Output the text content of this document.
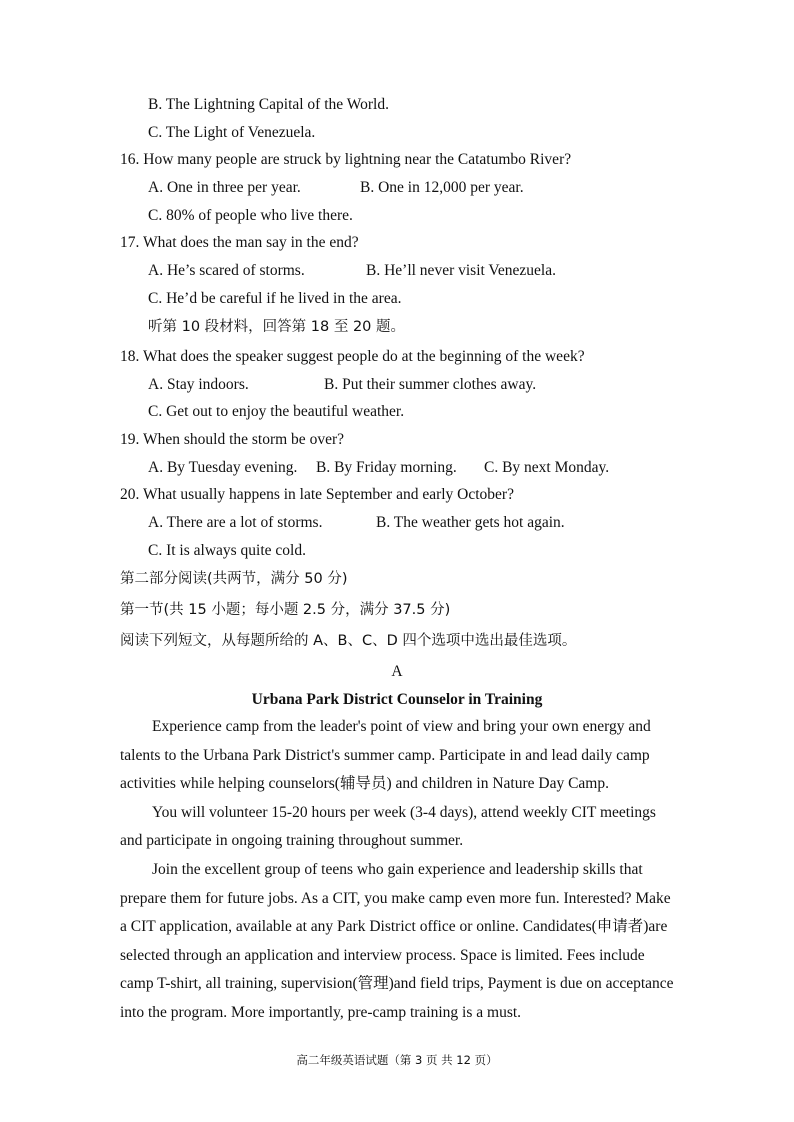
B. The Lightning Capital of the World.
C. The Light of Venezuela.
16. How many people are struck by lightning near the Catatumbo River?
A. One in three per year.	B. One in 12,000 per year.
C. 80% of people who live there.
17. What does the man say in the end?
A. He’s scared of storms.	B. He’ll never visit Venezuela.
C. He’d be careful if he lived in the area.
听第 10 段材料，回答第 18 至 20 题。
18. What does the speaker suggest people do at the beginning of the week?
A. Stay indoors.	B. Put their summer clothes away.
C. Get out to enjoy the beautiful weather.
19. When should the storm be over?
A. By Tuesday evening. B. By Friday morning. C. By next Monday.
20. What usually happens in late September and early October?
A. There are a lot of storms.	B. The weather gets hot again.
C. It is always quite cold.
第二部分阅读(共两节，满分 50 分)
第一节(共 15 小题；每小题 2.5 分，满分 37.5 分)
阅读下列短文，从每题所给的 A、B、C、D 四个选项中选出最佳选项。
A
Urbana Park District Counselor in Training

Experience camp from the leader's point of view and bring your own energy and talents to the Urbana Park District's summer camp. Participate in and lead daily camp activities while helping counselors(辅导员) and children in Nature Day Camp.

You will volunteer 15-20 hours per week (3-4 days), attend weekly CIT meetings and participate in ongoing training throughout summer.

Join the excellent group of teens who gain experience and leadership skills that prepare them for future jobs. As a CIT, you make camp even more fun. Interested? Make a CIT application, available at any Park District office or online. Candidates(申请者)are selected through an application and interview process. Space is limited. Fees include camp T-shirt, all training, supervision(管理)and field trips, Payment is due on acceptance into the program. More importantly, pre-camp training is a must.

高二年级英语试题（第 3 页 共 12 页）
